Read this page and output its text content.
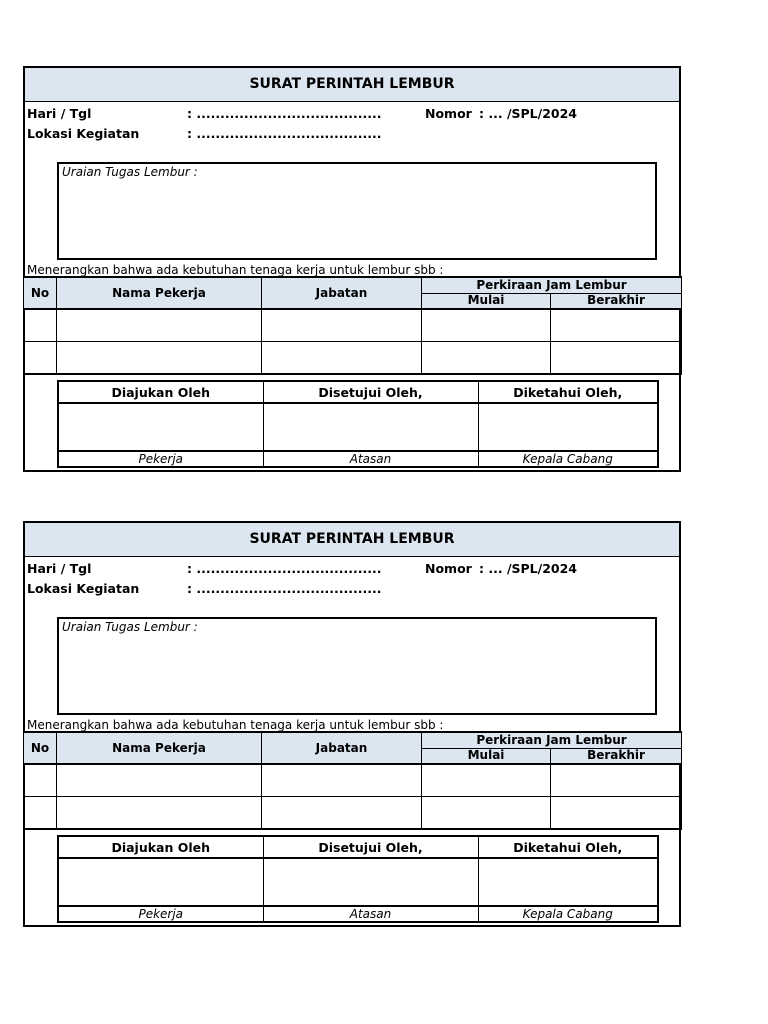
SURAT PERINTAH LEMBUR
Hari / Tgl	: .......................................	Nomor : ... /SPL/2024
Lokasi Kegiatan	: .......................................
Uraian Tugas Lembur :
Menerangkan bahwa ada kebutuhan tenaga kerja untuk lembur sbb :
No	Nama Pekerja	Jabatan	Perkiraan Jam Lembur	
			Mulai	Berakhir

Diajukan Oleh	Disetujui Oleh,	Diketahui Oleh,

Pekerja	Atasan	Kepala Cabang
SURAT PERINTAH LEMBUR
Hari / Tgl	: .......................................	Nomor : ... /SPL/2024
Lokasi Kegiatan	: .......................................
Uraian Tugas Lembur :
Menerangkan bahwa ada kebutuhan tenaga kerja untuk lembur sbb :
No	Nama Pekerja	Jabatan	Perkiraan Jam Lembur	
			Mulai	Berakhir

Diajukan Oleh	Disetujui Oleh,	Diketahui Oleh,

Pekerja	Atasan	Kepala Cabang
